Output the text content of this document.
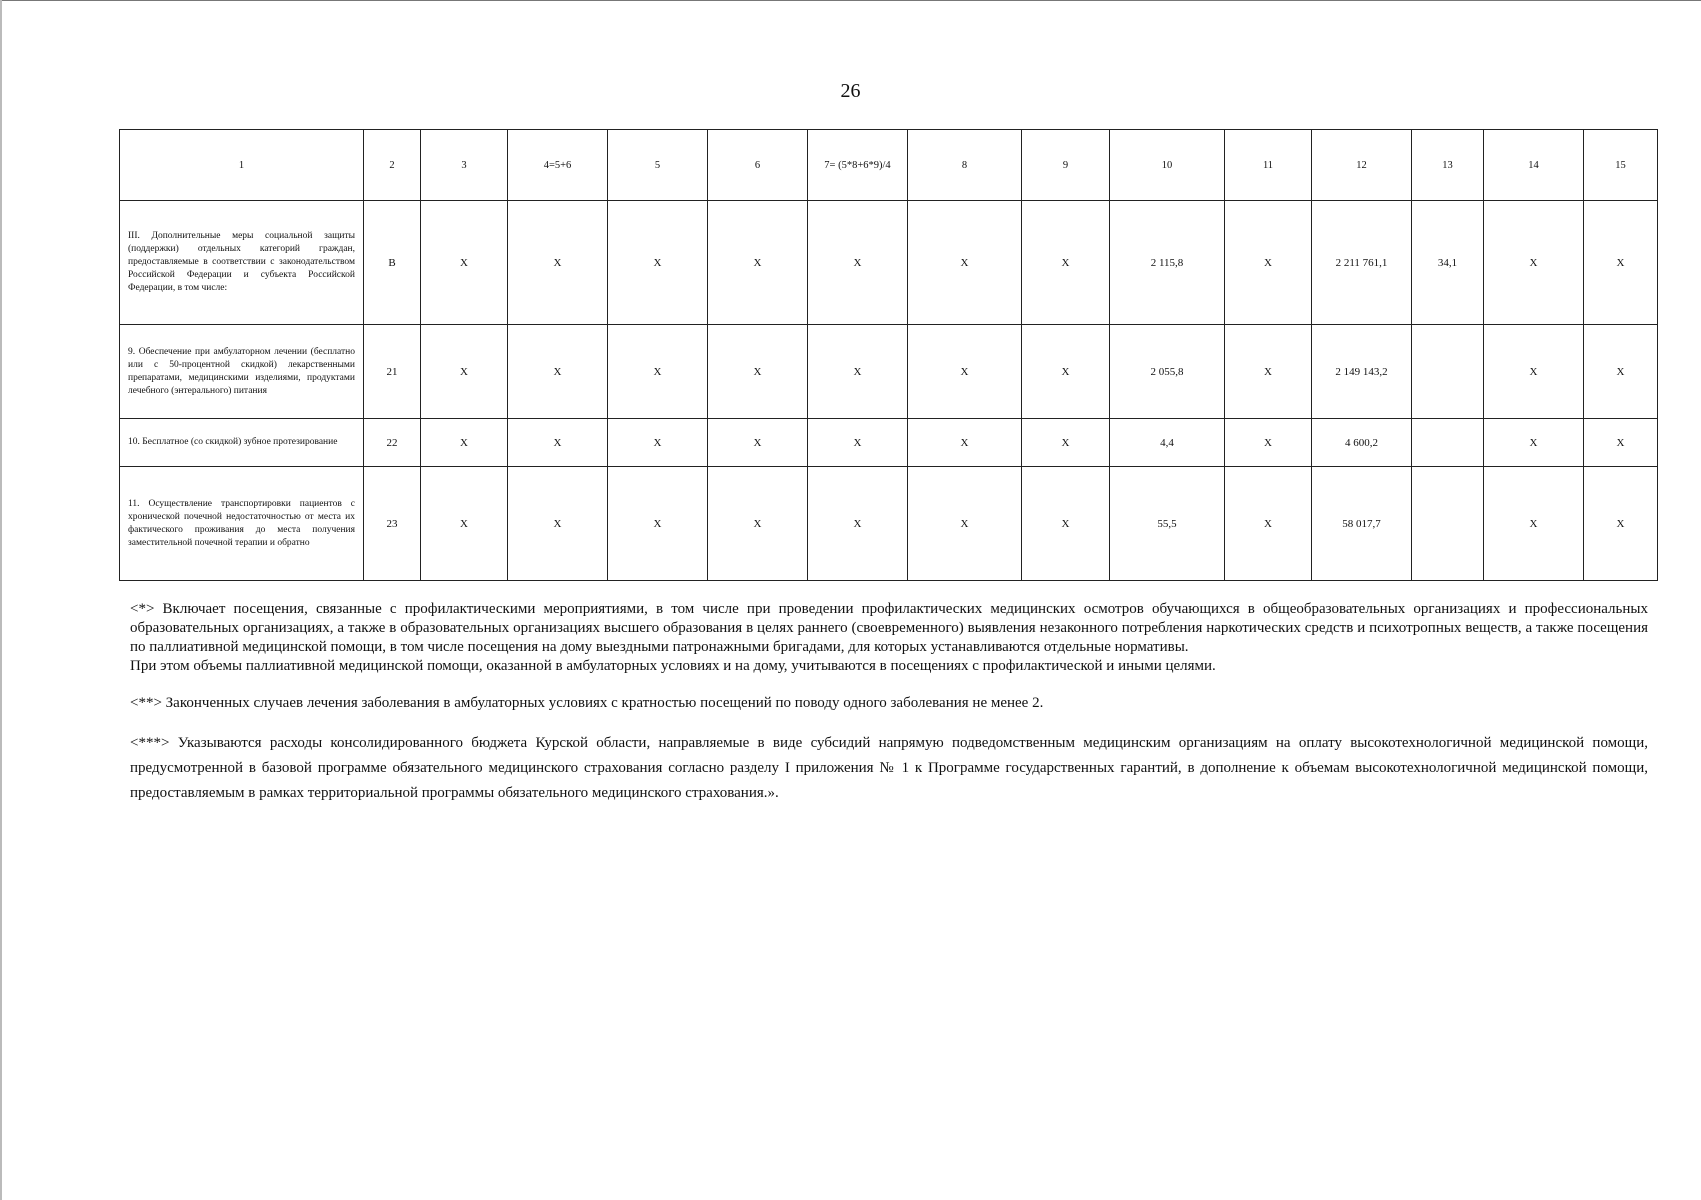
26
1	2	3	4=5+6	5	6	7= (5*8+6*9)/4	8	9	10	11	12	13	14	15
III. Дополнительные меры социальной защиты (поддержки) отдельных категорий граждан, предоставляемые в соответствии с законодательством Российской Федерации и субъекта Российской Федерации, в том числе:	В	Х	Х	Х	Х	Х	Х	Х	2 115,8	Х	2 211 761,1	34,1	Х	Х
9. Обеспечение при амбулаторном лечении (бесплатно или с 50-процентной скидкой) лекарственными препаратами, медицинскими изделиями, продуктами лечебного (энтерального) питания	21	Х	Х	Х	Х	Х	Х	Х	2 055,8	Х	2 149 143,2		Х	Х
10. Бесплатное (со скидкой) зубное протезирование	22	Х	Х	Х	Х	Х	Х	Х	4,4	Х	4 600,2		Х	Х
11. Осуществление транспортировки пациентов с хронической почечной недостаточностью от места их фактического проживания до места получения заместительной почечной терапии и обратно	23	Х	Х	Х	Х	Х	Х	Х	55,5	Х	58 017,7		Х	Х

<*> Включает посещения, связанные с профилактическими мероприятиями, в том числе при проведении профилактических медицинских осмотров обучающихся в общеобразовательных организациях и профессиональных образовательных организациях, а также в образовательных организациях высшего образования в целях раннего (своевременного) выявления незаконного потребления наркотических средств и психотропных веществ, а также посещения по паллиативной медицинской помощи, в том числе посещения на дому выездными патронажными бригадами, для которых устанавливаются отдельные нормативы.

При этом объемы паллиативной медицинской помощи, оказанной в амбулаторных условиях и на дому, учитываются в посещениях с профилактической и иными целями.

<**> Законченных случаев лечения заболевания в амбулаторных условиях с кратностью посещений по поводу одного заболевания не менее 2.

<***> Указываются расходы консолидированного бюджета Курской области, направляемые в виде субсидий напрямую подведомственным медицинским организациям на оплату высокотехнологичной медицинской помощи, предусмотренной в базовой программе обязательного медицинского страхования согласно разделу I приложения № 1 к Программе государственных гарантий, в дополнение к объемам высокотехнологичной медицинской помощи, предоставляемым в рамках территориальной программы обязательного медицинского страхования.».
